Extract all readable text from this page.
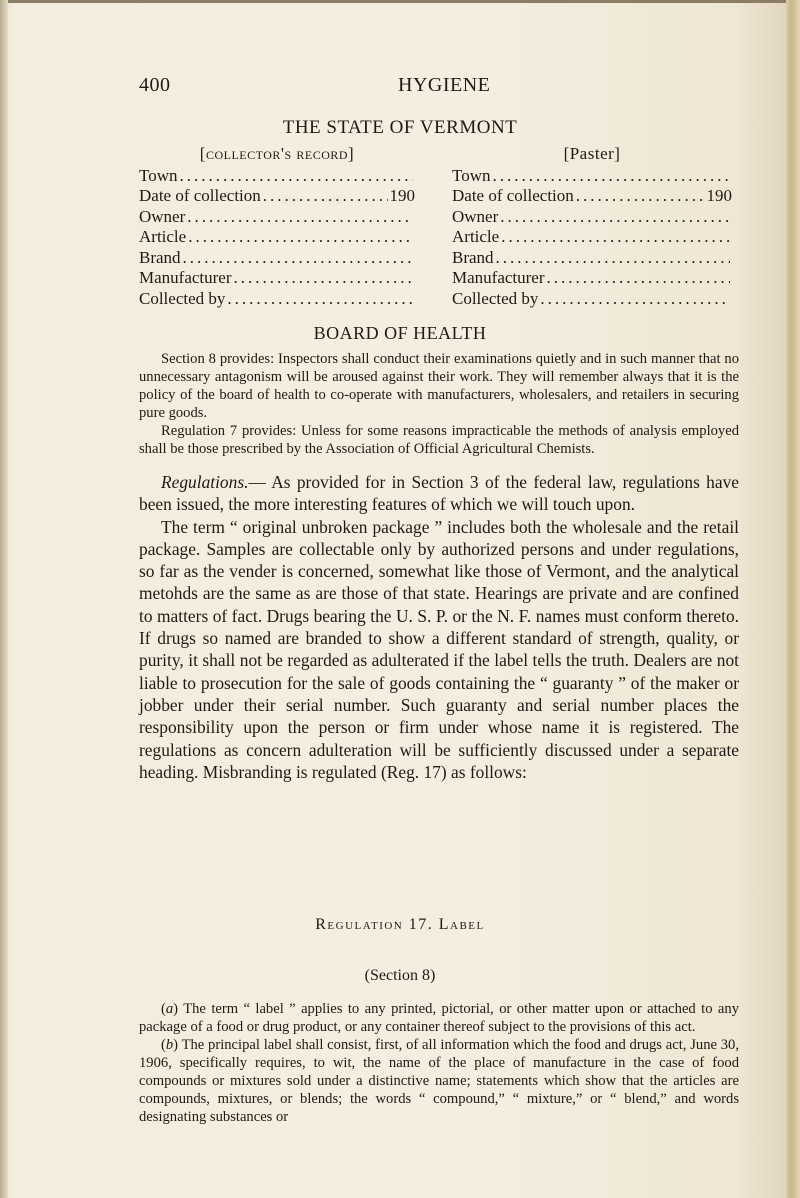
400	HYGIENE
THE STATE OF VERMONT
[collector's record]
Town
.....
Date of collection .....	190
Owner
.....
Article
.....
Brand
.....
Manufacturer
.....
Collected by
.....
[Paster]
Town
.....
Date of collection .....	190
Owner
.....
Article
.....
Brand
.....
Manufacturer
.....
Collected by
.....
BOARD OF HEALTH

Section 8 provides: Inspectors shall conduct their examinations quietly and in such manner that no unnecessary antagonism will be aroused against their work. They will remember always that it is the policy of the board of health to co-operate with manufacturers, wholesalers, and retailers in securing pure goods.

Regulation 7 provides: Unless for some reasons impracticable the methods of analysis employed shall be those prescribed by the Association of Official Agricultural Chemists.

Regulations.— As provided for in Section 3 of the federal law, regulations have been issued, the more interesting features of which we will touch upon.

The term “ original unbroken package ” includes both the wholesale and the retail package. Samples are collectable only by authorized persons and under regulations, so far as the vender is concerned, somewhat like those of Vermont, and the analytical metohds are the same as are those of that state. Hearings are private and are confined to matters of fact. Drugs bearing the U. S. P. or the N. F. names must conform thereto. If drugs so named are branded to show a different standard of strength, quality, or purity, it shall not be regarded as adulterated if the label tells the truth. Dealers are not liable to prosecution for the sale of goods containing the “ guaranty ” of the maker or jobber under their serial number. Such guaranty and serial number places the responsibility upon the person or firm under whose name it is registered. The regulations as concern adulteration will be sufficiently discussed under a separate heading. Misbranding is regulated (Reg. 17) as follows:

Regulation 17. Label
(Section 8)

(a) The term “ label ” applies to any printed, pictorial, or other matter upon or attached to any package of a food or drug product, or any container thereof subject to the provisions of this act.

(b) The principal label shall consist, first, of all information which the food and drugs act, June 30, 1906, specifically requires, to wit, the name of the place of manufacture in the case of food compounds or mixtures sold under a distinctive name; statements which show that the articles are compounds, mixtures, or blends; the words “ compound,” “ mixture,” or “ blend,” and words designating substances or
